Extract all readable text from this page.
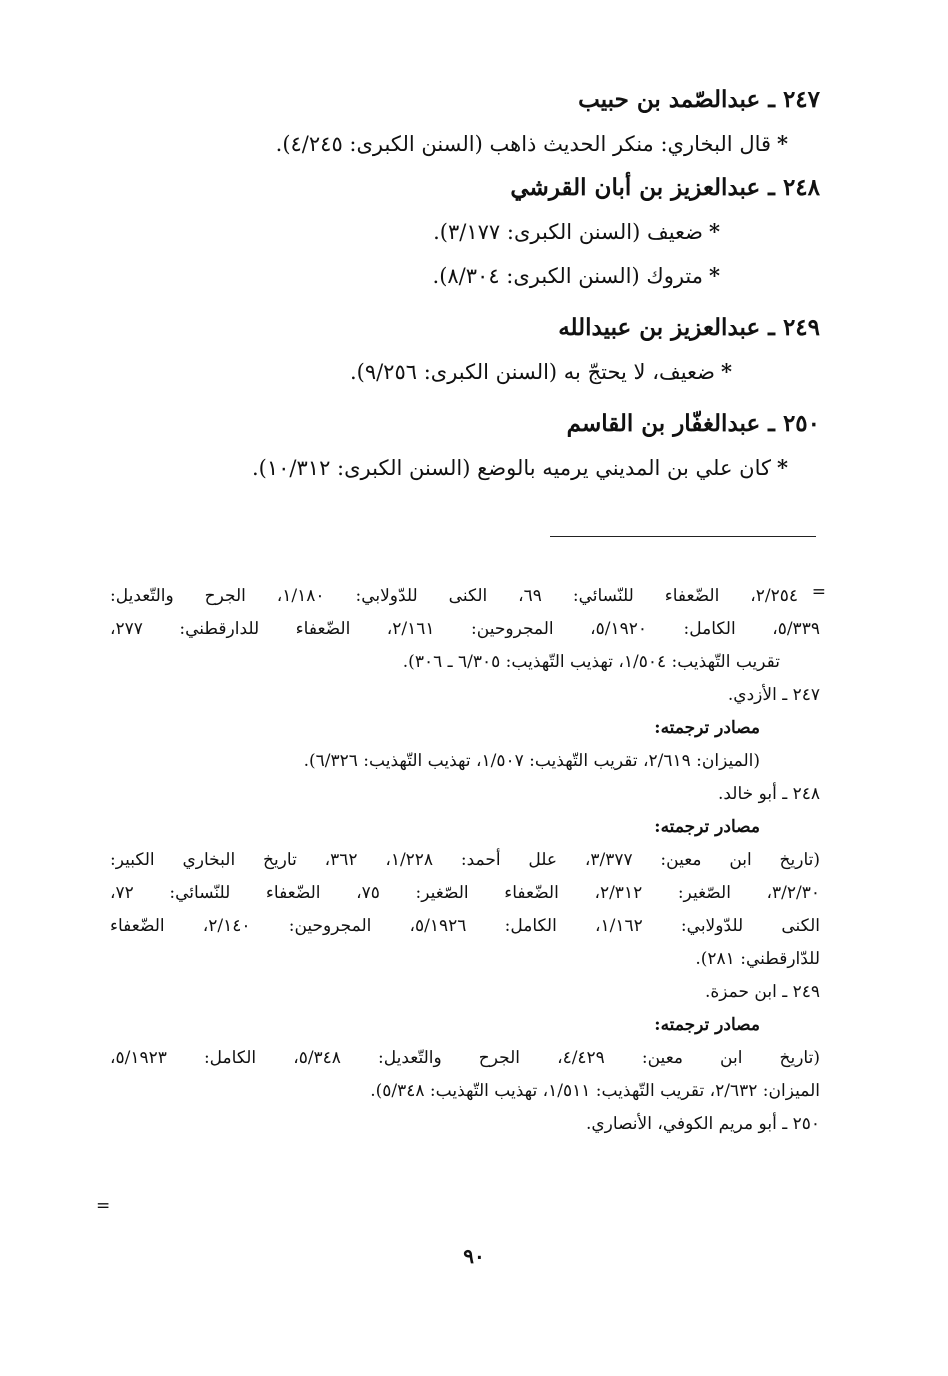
٢٤٧ ـ عبدالصّمد بن حبيب
*قال البخاري: منكر الحديث ذاهب (السنن الكبرى: ٤/٢٤٥).
٢٤٨ ـ عبدالعزيز بن أبان القرشي
*ضعيف (السنن الكبرى: ٣/١٧٧).
*متروك (السنن الكبرى: ٨/٣٠٤).
٢٤٩ ـ عبدالعزيز بن عبيدالله
*ضعيف، لا يحتجّ به (السنن الكبرى: ٩/٢٥٦).
٢٥٠ ـ عبدالغفّار بن القاسم
*كان علي بن المديني يرميه بالوضع (السنن الكبرى: ١٠/٣١٢).
=
٢/٢٥٤، الضّعفاء للنّسائي: ٦٩، الكنى للدّولابي: ١/١٨٠، الجرح والتّعديل:
٥/٣٣٩، الكامل: ٥/١٩٢٠، المجروحين: ٢/١٦١، الضّعفاء للدارقطني: ٢٧٧،
تقريب التّهذيب: ١/٥٠٤، تهذيب التّهذيب: ٦/٣٠٥ ـ ٣٠٦).
٢٤٧ ـ الأزدي.
مصادر ترجمته:
(الميزان: ٢/٦١٩، تقريب التّهذيب: ١/٥٠٧، تهذيب التّهذيب: ٦/٣٢٦).
٢٤٨ ـ أبو خالد.
مصادر ترجمته:
(تاريخ ابن معين: ٣/٣٧٧، علل أحمد: ١/٢٢٨، ٣٦٢، تاريخ البخاري الكبير:
٣/٢/٣٠، الصّغير: ٢/٣١٢، الضّعفاء الصّغير: ٧٥، الضّعفاء للنّسائي: ٧٢،
الكنى للدّولابي: ١/١٦٢، الكامل: ٥/١٩٢٦، المجروحين: ٢/١٤٠، الضّعفاء
للدّارقطني: ٢٨١).
٢٤٩ ـ ابن حمزة.
مصادر ترجمته:
(تاريخ ابن معين: ٤/٤٢٩، الجرح والتّعديل: ٥/٣٤٨، الكامل: ٥/١٩٢٣،
الميزان: ٢/٦٣٢، تقريب التّهذيب: ١/٥١١، تهذيب التّهذيب: ٥/٣٤٨).
٢٥٠ ـ أبو مريم الكوفي، الأنصاري.
=
٩٠
